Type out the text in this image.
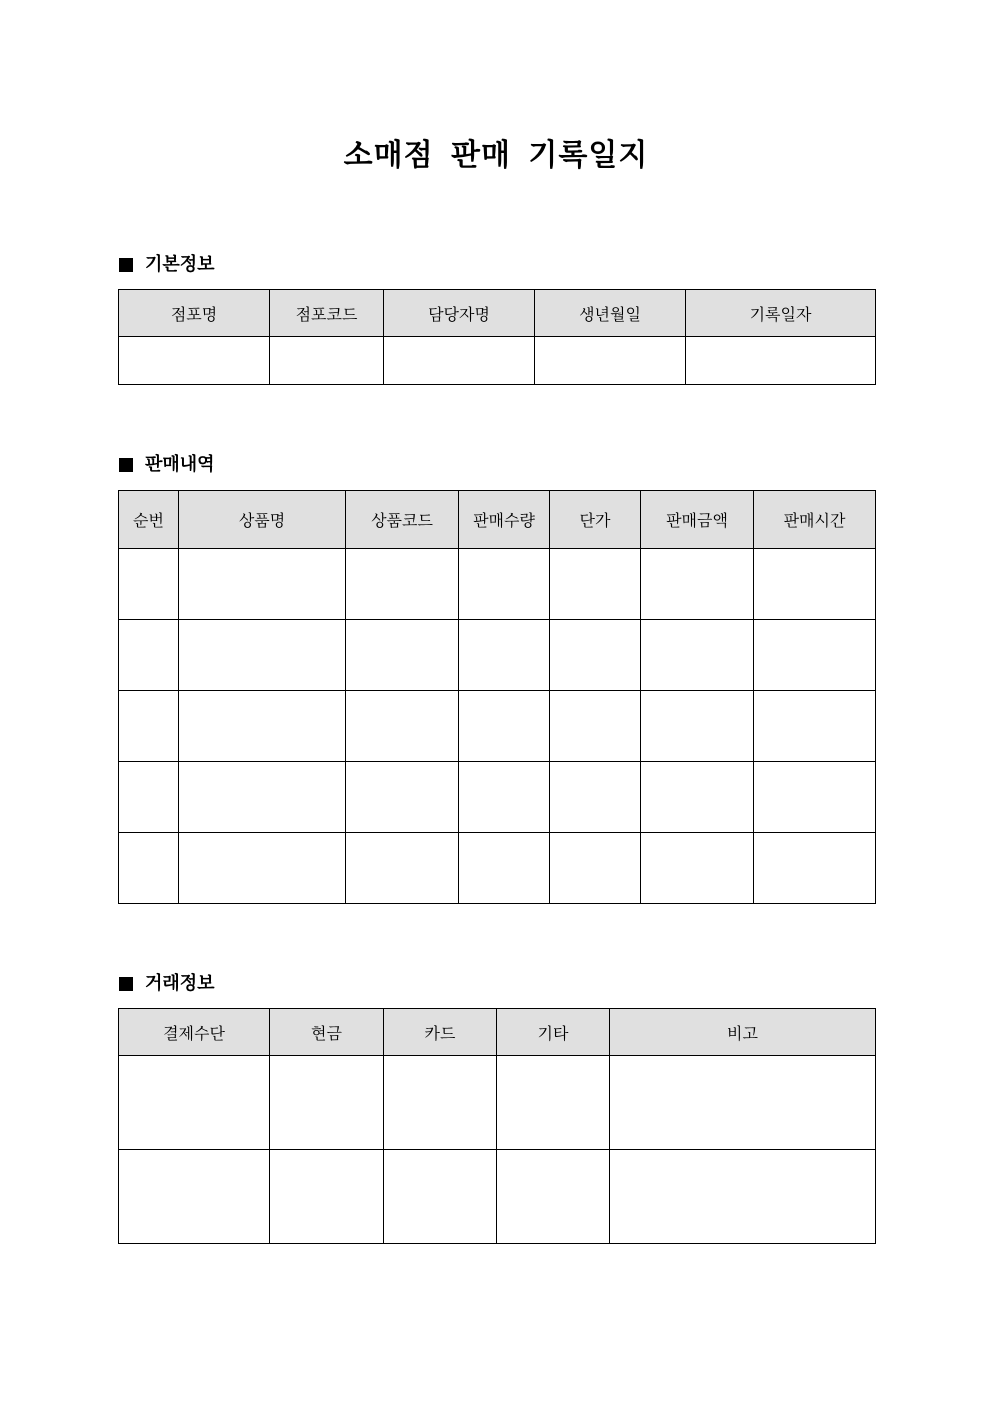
소매점 판매 기록일지
기본정보
점포명	점포코드	담당자명	생년월일	기록일자

판매내역
순번	상품명	상품코드	판매수량	단가	판매금액	판매시간

거래정보
결제수단	현금	카드	기타	비고
